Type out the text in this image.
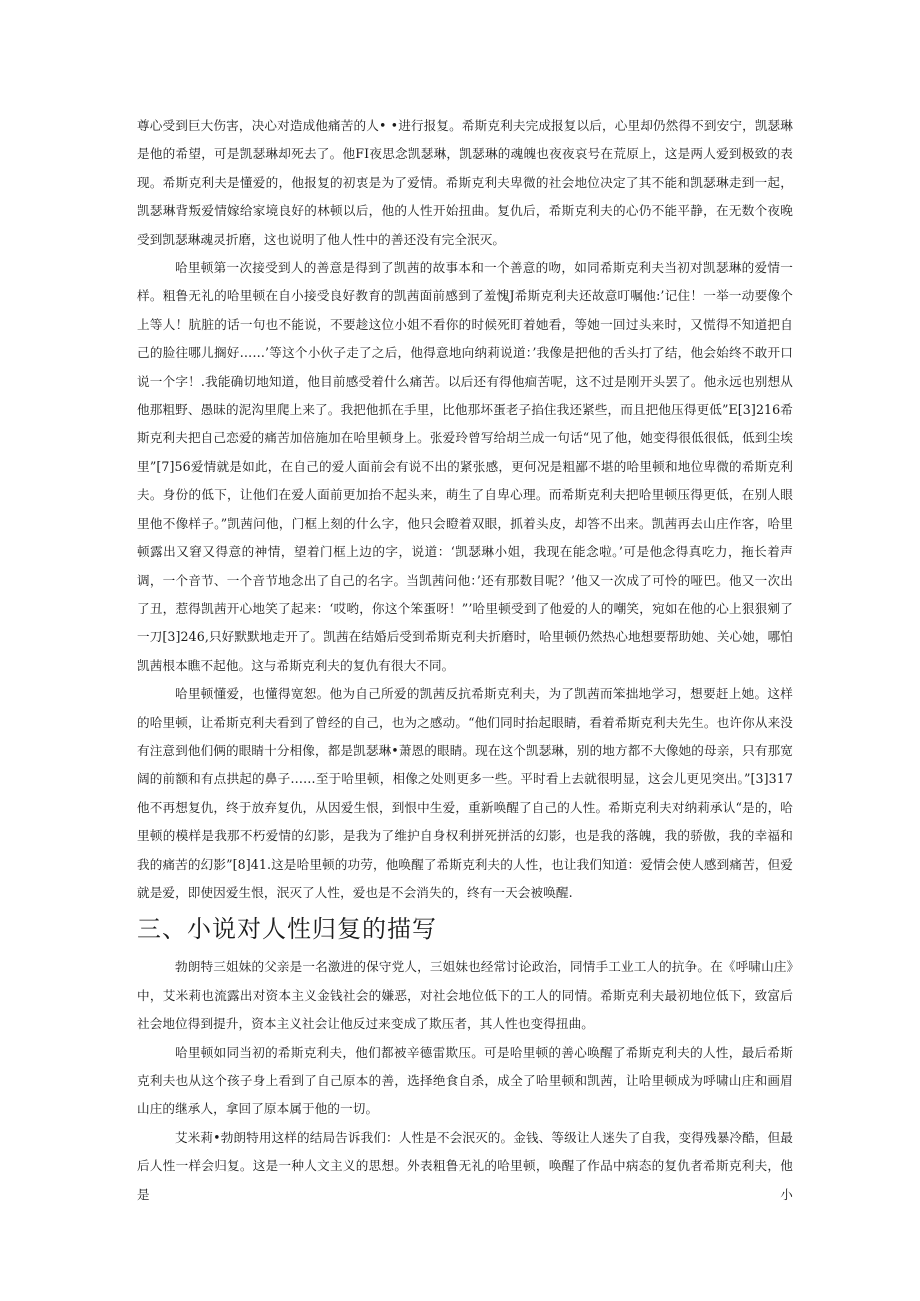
尊心受到巨大伤害，决心对造成他痛苦的人• •进行报复。希斯克利夫完成报复以后，心里却仍然得不到安宁，凯瑟琳是他的希望，可是凯瑟琳却死去了。他FI夜思念凯瑟琳，凯瑟琳的魂魄也夜夜哀号在荒原上，这是两人爱到极致的表现。希斯克利夫是懂爱的，他报复的初衷是为了爱情。希斯克利夫卑微的社会地位决定了其不能和凯瑟琳走到一起，凯瑟琳背叛爱情嫁给家境良好的林顿以后，他的人性开始扭曲。复仇后，希斯克利夫的心仍不能平静，在无数个夜晚受到凯瑟琳魂灵折磨，这也说明了他人性中的善还没有完全泯灭。

哈里顿第一次接受到人的善意是得到了凯茜的故事本和一个善意的吻，如同希斯克利夫当初对凯瑟琳的爱情一样。粗鲁无礼的哈里顿在自小接受良好教育的凯茜面前感到了羞愧J希斯克利夫还故意叮嘱他:’记住！一举一动要像个上等人！肮脏的话一句也不能说，不要趁这位小姐不看你的时候死盯着她看，等她一回过头来时，又慌得不知道把自己的脸往哪儿搁好……’等这个小伙子走了之后，他得意地向纳莉说道：’我像是把他的舌头打了结，他会始终不敢开口说一个字！.我能确切地知道，他目前感受着什么痛苦。以后还有得他痐苦呢，这不过是刚开头罢了。他永远也别想从他那粗野、愚昧的泥沟里爬上来了。我把他抓在手里，比他那坏蛋老子掐住我还紧些，而且把他压得更低”E[3]216希斯克利夫把自己恋爱的痛苦加倍施加在哈里顿身上。张爱玲曾写给胡兰成一句话“见了他，她变得很低很低，低到尘埃里”[7]56爱情就是如此，在自己的爱人面前会有说不出的紧张感，更何况是粗鄙不堪的哈里顿和地位卑微的希斯克利夫。身份的低下，让他们在爱人面前更加抬不起头来，萌生了自卑心理。而希斯克利夫把哈里顿压得更低，在别人眼里他不像样子。”凯茜问他，门框上刻的什么字，他只会瞪着双眼，抓着头皮，却答不出来。凯茜再去山庄作客，哈里顿露出又窘又得意的神情，望着门框上边的字，说道：‘凯瑟琳小姐，我现在能念啦。’可是他念得真吃力，拖长着声调，一个音节、一个音节地念出了自己的名字。当凯茜问他：’还有那数目呢？’他又一次成了可怜的哑巴。他又一次出了丑，惹得凯茜开心地笑了起来：‘哎哟，你这个笨蛋呀！”’哈里顿受到了他爱的人的嘲笑，宛如在他的心上狠狠剜了一刀[3]246,只好默默地走开了。凯茜在结婚后受到希斯克利夫折磨时，哈里顿仍然热心地想要帮助她、关心她，哪怕凯茜根本瞧不起他。这与希斯克利夫的复仇有很大不同。

哈里顿懂爱，也懂得宽恕。他为自己所爱的凯茜反抗希斯克利夫，为了凯茜而笨拙地学习，想要赶上她。这样的哈里顿，让希斯克利夫看到了曾经的自己，也为之感动。“他们同时抬起眼睛，看着希斯克利夫先生。也许你从来没有注意到他们俩的眼睛十分相像，都是凯瑟琳•萧恩的眼睛。现在这个凯瑟琳，别的地方都不大像她的母亲，只有那宽阔的前额和有点拱起的鼻子……至于哈里顿，相像之处则更多一些。平时看上去就很明显，这会儿更见突出。”[3]317他不再想复仇，终于放弃复仇，从因爱生恨，到恨中生爱，重新唤醒了自己的人性。希斯克利夫对纳莉承认“是的，哈里顿的模样是我那不朽爱情的幻影，是我为了维护自身权利拼死拼活的幻影，也是我的落魄，我的骄傲，我的幸福和我的痛苦的幻影”[8]41.这是哈里顿的功劳，他唤醒了希斯克利夫的人性，也让我们知道：爱情会使人感到痛苦，但爱就是爱，即使因爱生恨，泯灭了人性，爱也是不会消失的，终有一天会被唤醒.

三、小说对人性归复的描写

勃朗特三姐妹的父亲是一名激进的保守党人，三姐妹也经常讨论政治，同情手工业工人的抗争。在《呼啸山庄》中，艾米莉也流露出对资本主义金钱社会的嫌恶，对社会地位低下的工人的同情。希斯克利夫最初地位低下，致富后社会地位得到提升，资本主义社会让他反过来变成了欺压者，其人性也变得扭曲。

哈里顿如同当初的希斯克利夫，他们都被辛德雷欺压。可是哈里顿的善心唤醒了希斯克利夫的人性，最后希斯克利夫也从这个孩子身上看到了自己原本的善，选择绝食自杀，成全了哈里顿和凯茜，让哈里顿成为呼啸山庄和画眉山庄的继承人，拿回了原本属于他的一切。

艾米莉•勃朗特用这样的结局告诉我们：人性是不会泯灭的。金钱、等级让人迷失了自我，变得残暴冷酷，但最后人性一样会归复。这是一种人文主义的思想。外表粗鲁无礼的哈里顿，唤醒了作品中病态的复仇者希斯克利夫，他是小
